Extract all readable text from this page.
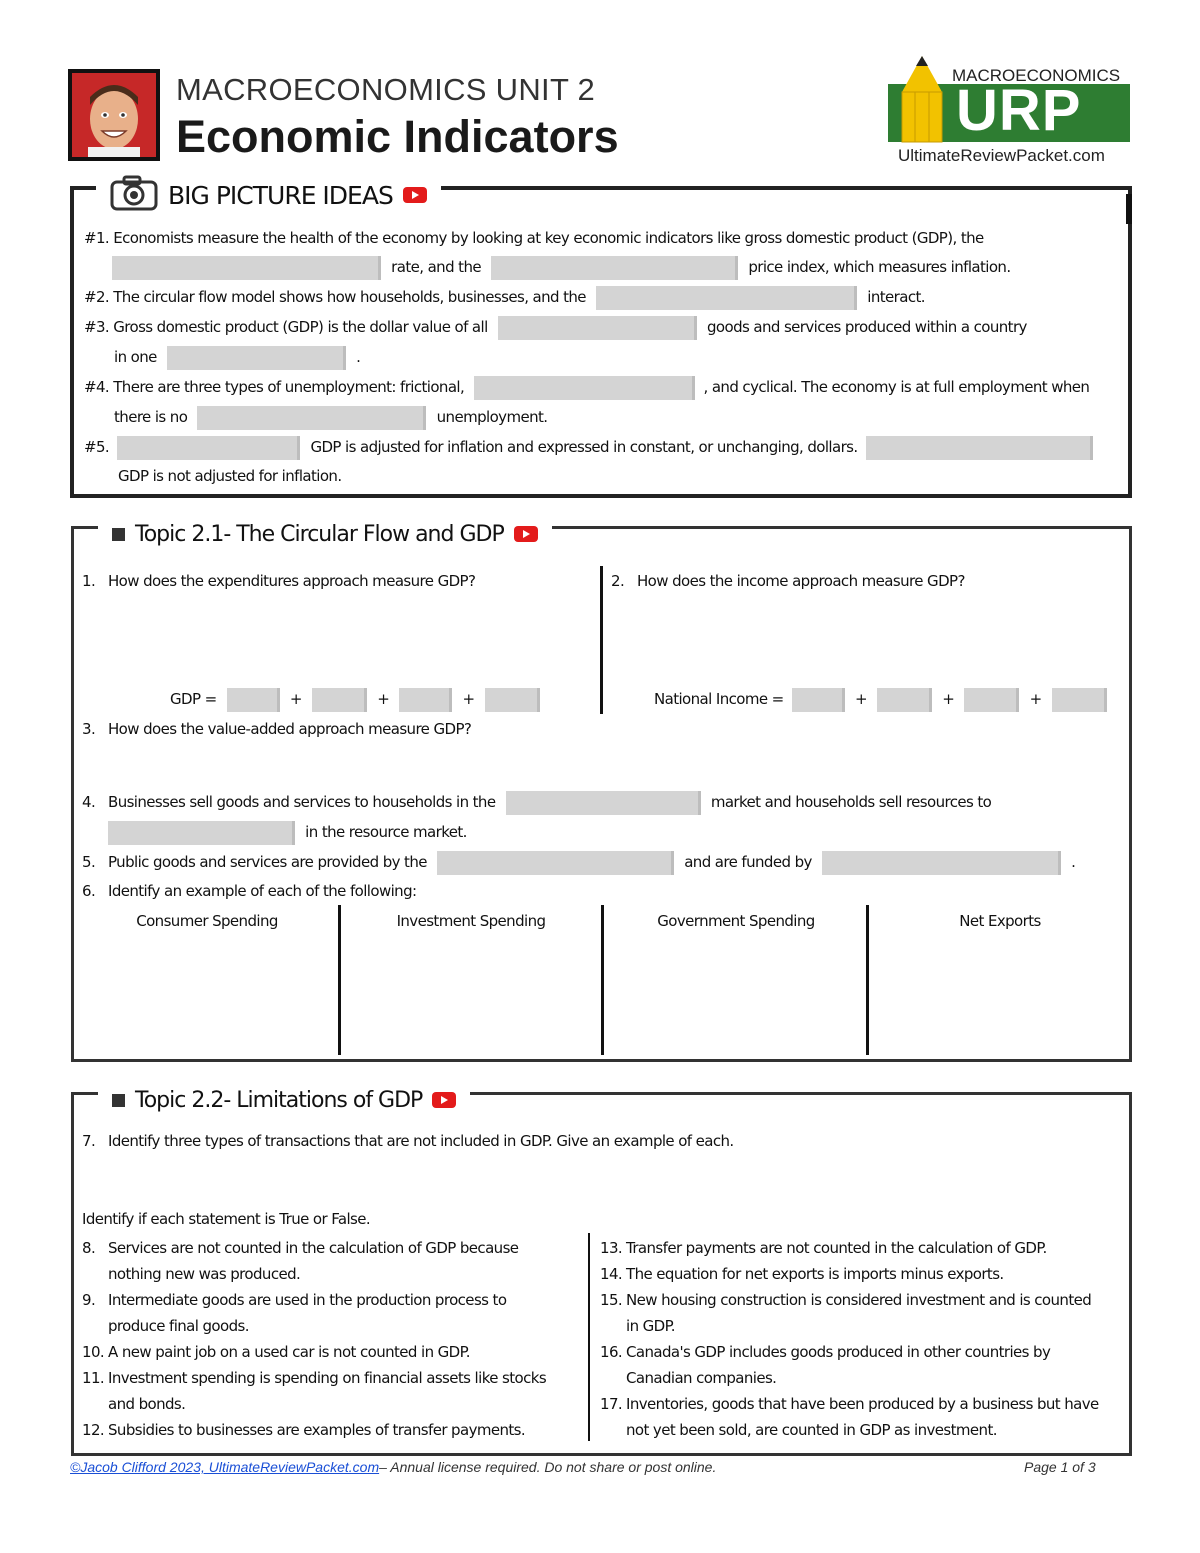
MACROECONOMICS UNIT 2
Economic Indicators
MACROECONOMICS
URP
UltimateReviewPacket.com
BIG PICTURE IDEAS
#1. Economists measure the health of the economy by looking at key economic indicators like gross domestic product (GDP), the
rate, and the	price index, which measures inflation.
#2. The circular flow model shows how households, businesses, and the	interact.
#3. Gross domestic product (GDP) is the dollar value of all	goods and services produced within a country
in one	.
#4. There are three types of unemployment: frictional,	, and cyclical. The economy is at full employment when
there is no	unemployment.
#5.	GDP is adjusted for inflation and expressed in constant, or unchanging, dollars.
GDP is not adjusted for inflation.
Topic 2.1- The Circular Flow and GDP
1. How does the expenditures approach measure GDP?	2. How does the income approach measure GDP?
GDP =	+	+	+	National Income =	+	+	+
3. How does the value-added approach measure GDP?
4. Businesses sell goods and services to households in the	market and households sell resources to
in the resource market.
5. Public goods and services are provided by the	and are funded by	.
6. Identify an example of each of the following:
Consumer Spending	Investment Spending	Government Spending	Net Exports
Topic 2.2- Limitations of GDP
7. Identify three types of transactions that are not included in GDP. Give an example of each.
Identify if each statement is True or False.
8. Services are not counted in the calculation of GDP because
nothing new was produced.
9. Intermediate goods are used in the production process to
produce final goods.
10. A new paint job on a used car is not counted in GDP.
11. Investment spending is spending on financial assets like stocks
and bonds.
12. Subsidies to businesses are examples of transfer payments.
13. Transfer payments are not counted in the calculation of GDP.
14. The equation for net exports is imports minus exports.
15. New housing construction is considered investment and is counted
in GDP.
16. Canada's GDP includes goods produced in other countries by
Canadian companies.
17. Inventories, goods that have been produced by a business but have
not yet been sold, are counted in GDP as investment.
©Jacob Clifford 2023, UltimateReviewPacket.com– Annual license required. Do not share or post online.	Page 1 of 3
